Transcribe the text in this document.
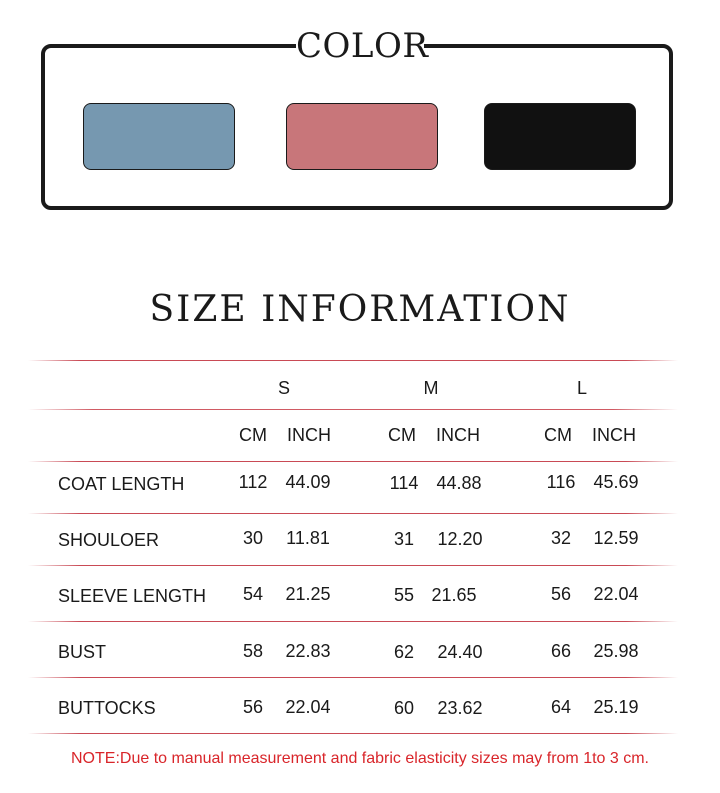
COLOR
SIZE INFORMATION
S	M	L
CM INCH	CM INCH	CM INCH
COAT LENGTH	112 44.09	114 44.88	116 45.69
SHOULOER	30 11.81	31 12.20	32 12.59
SLEEVE LENGTH 54 21.25	55 21.65	56 22.04
BUST	58 22.83	62 24.40	66 25.98
BUTTOCKS	56 22.04	60 23.62	64 25.19
NOTE:Due to manual measurement and fabric elasticity sizes may from 1to 3 cm.
